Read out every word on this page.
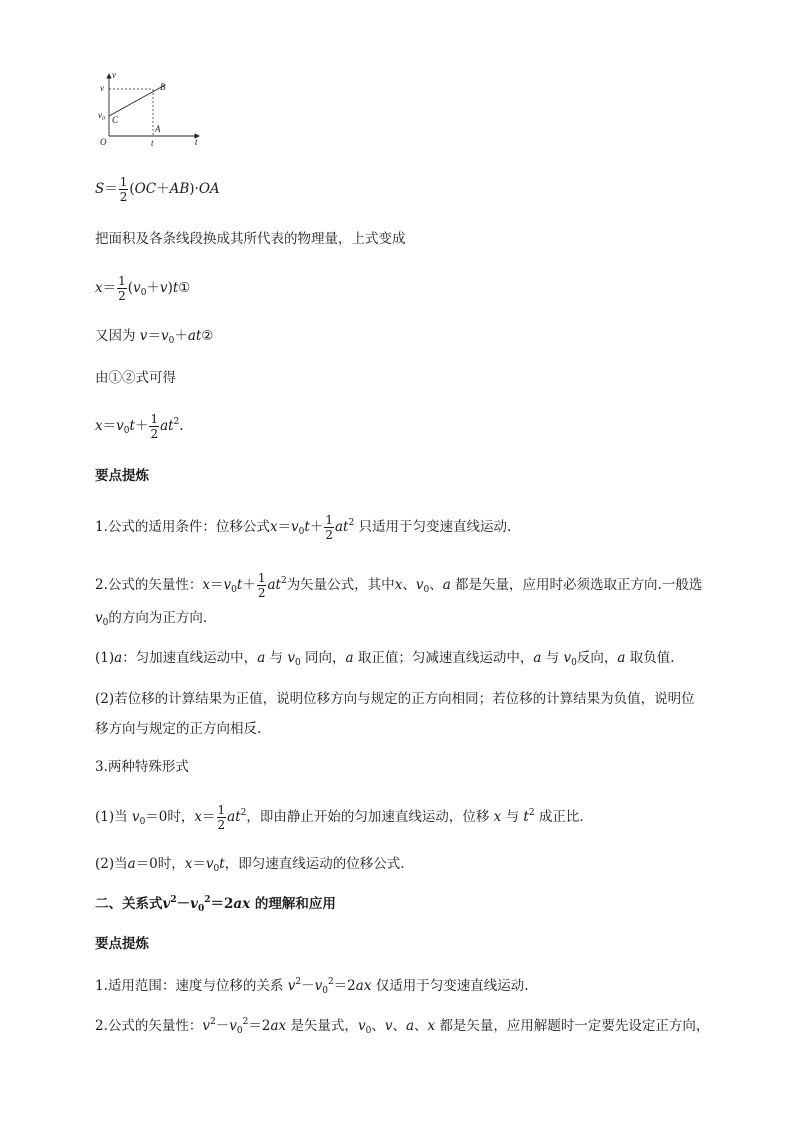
v
v
$v_0$ C
B
A
O	t	t
$S= \frac{1}{2} (OC+AB)\cdot OA$
把面积及各条线段换成其所代表的物理量，上式变成
$x= \frac{1}{2}$ $(v_0+v)t①$
又因为 $v=v_0+at②$
由①②式可得
$x=v_0t+ \frac{1}{2} at^2$.
要点提炼
1.公式的适用条件：位移公式$x=v_0t+ \frac{1}{2} at^2$ 只适用于匀变速直线运动.
2.公式的矢量性：$x=v_0t+ \frac{1}{2} at^2$为矢量公式，其中x、$v_0$、a 都是矢量，应用时必须选取正方向.一般选
$v_0$的方向为正方向.
(1)a：匀加速直线运动中，a 与 $v_0$ 同向，a 取正值；匀减速直线运动中，a 与 $v_0$反向，a 取负值.
(2)若位移的计算结果为正值，说明位移方向与规定的正方向相同；若位移的计算结果为负值，说明位移方向与规定的正方向相反.
3.两种特殊形式
(1)当 $v_0=0$时，$x= \frac{1}{2} at^2$，即由静止开始的匀加速直线运动，位移 x 与 $t^2$ 成正比.
(2)当a＝0时，$x=v_0t$，即匀速直线运动的位移公式.
二、关系式$v^2-v_0^2=2ax$ 的理解和应用
要点提炼
1.适用范围：速度与位移的关系 $v^2-v_0^2=2ax$ 仅适用于匀变速直线运动.
2.公式的矢量性：$v^2-v_0^2=2ax$ 是矢量式，$v_0$、v、a、x 都是矢量，应用解题时一定要先设定正方向，
